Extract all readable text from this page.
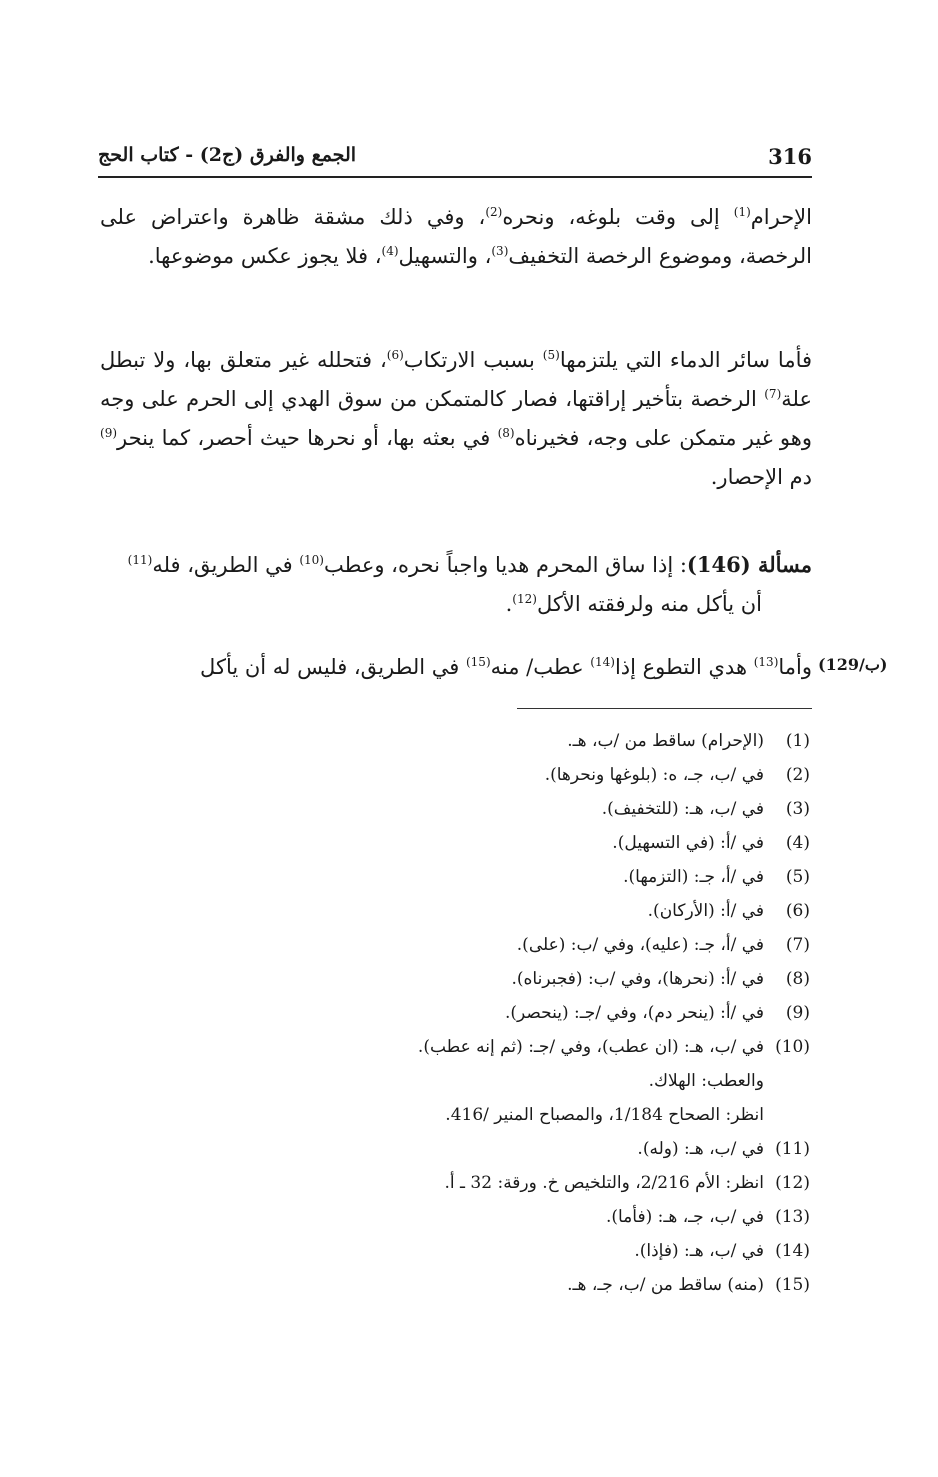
316
الجمع والفرق (ج2) - كتاب الحج
الإحرام$^{(1)}$ إلى وقت بلوغه، ونحره$^{(2)}$، وفي ذلك مشقة ظاهرة واعتراض على الرخصة، وموضوع الرخصة التخفيف$^{(3)}$، والتسهيل$^{(4)}$، فلا يجوز عكس موضوعها.
فأما سائر الدماء التي يلتزمها$^{(5)}$ بسبب الارتكاب$^{(6)}$، فتحلله غير متعلق بها، ولا تبطل علة$^{(7)}$ الرخصة بتأخير إراقتها، فصار كالمتمكن من سوق الهدي إلى الحرم على وجه وهو غير متمكن على وجه، فخيرناه$^{(8)}$ في بعثه بها، أو نحرها حيث أحصر، كما ينحر$^{(9)}$ دم الإحصار.
مسألة (146): إذا ساق المحرم هديا واجباً نحره، وعطب$^{(10)}$ في الطريق، فله$^{(11)}$
أن يأكل منه ولرفقته الأكل$^{(12)}$.
وأما$^{(13)}$ هدي التطوع إذا$^{(14)}$ عطب/ منه$^{(15)}$ في الطريق، فليس له أن يأكل	(129/ب)
(1)(الإحرام) ساقط من /ب، هـ.
(2)في /ب، جـ، ه: (بلوغها ونحرها).
(3)في /ب، هـ: (للتخفيف).
(4)في /أ: (في التسهيل).
(5)في /أ، جـ: (التزمها).
(6)في /أ: (الأركان).
(7)في /أ، جـ: (عليه)، وفي /ب: (على).
(8)في /أ: (نحرها)، وفي /ب: (فجبرناه).
(9)في /أ: (ينحر دم)، وفي /جـ: (ينحصر).
(10)في /ب، هـ: (ان عطب)، وفي /جـ: (ثم إنه عطب).
والعطب: الهلاك.
انظر: الصحاح 1/184، والمصباح المنير /416.
(11)في /ب، هـ: (وله).
(12)انظر: الأم 2/216، والتلخيص خ. ورقة: 32 ـ أ.
(13)في /ب، جـ، هـ: (فأما).
(14)في /ب، هـ: (فإذا).
(15)(منه) ساقط من /ب، جـ، هـ.
